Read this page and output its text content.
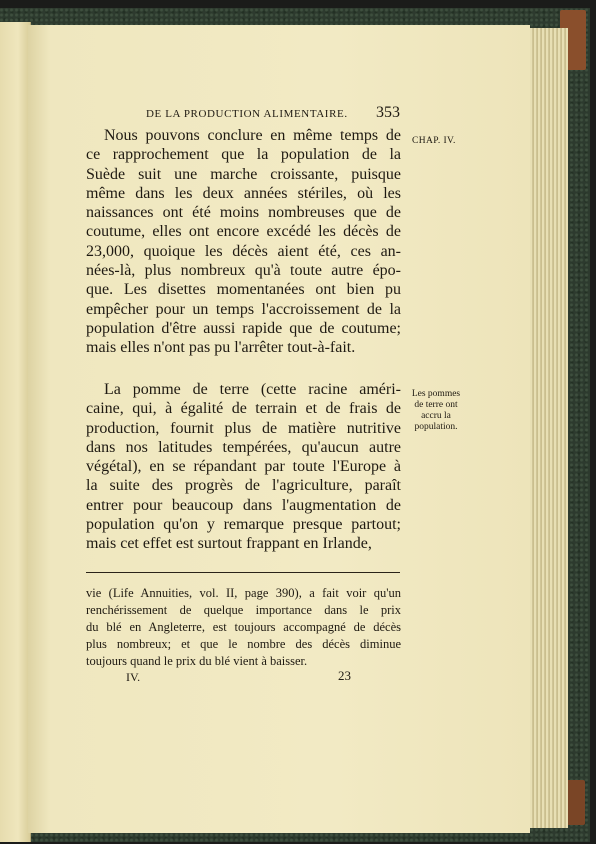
DE LA PRODUCTION ALIMENTAIRE. 353
CHAP. IV.

Nous pouvons conclure en même temps de
ce rapprochement que la population de la
Suède suit une marche croissante, puisque
même dans les deux années stériles, où les
naissances ont été moins nombreuses que de
coutume, elles ont encore excédé les décès de
23,000, quoique les décès aient été, ces an-
nées-là, plus nombreux qu'à toute autre épo-
que. Les disettes momentanées ont bien pu
empêcher pour un temps l'accroissement de la
population d'être aussi rapide que de coutume;
mais elles n'ont pas pu l'arrêter tout-à-fait.

La pomme de terre (cette racine améri-
caine, qui, à égalité de terrain et de frais de
production, fournit plus de matière nutritive
dans nos latitudes tempérées, qu'aucun autre
végétal), en se répandant par toute l'Europe à
la suite des progrès de l'agriculture, paraît
entrer pour beaucoup dans l'augmentation de
population qu'on y remarque presque partout;
mais cet effet est surtout frappant en Irlande,

Les pommes
de terre ont
accru la
population.

vie (Life Annuities, vol. II, page 390), a fait voir qu'un
renchérissement de quelque importance dans le prix
du blé en Angleterre, est toujours accompagné de décès
plus nombreux; et que le nombre des décès diminue
toujours quand le prix du blé vient à baisser.

IV.	23
